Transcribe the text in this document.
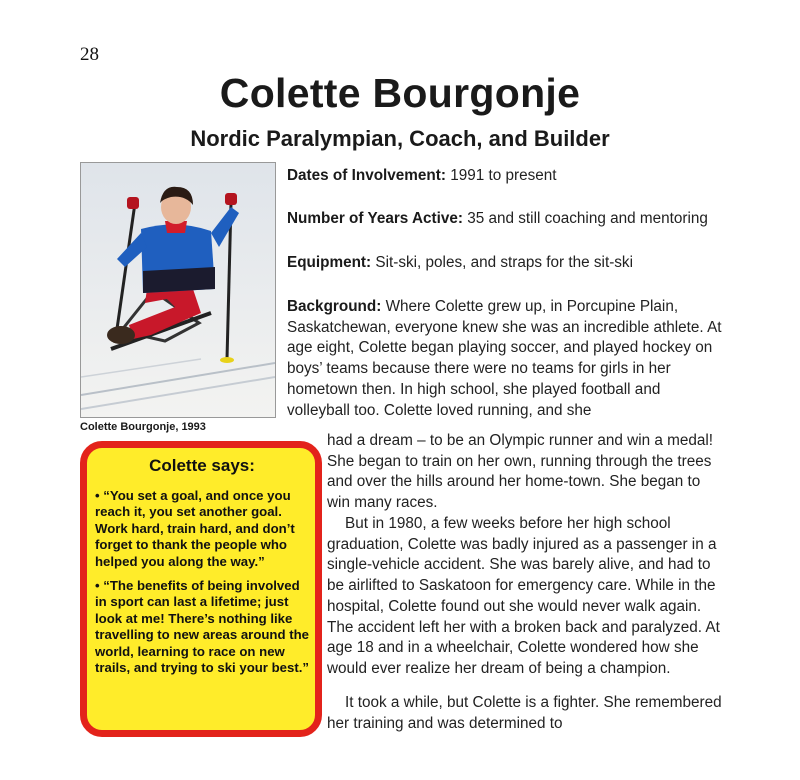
28
Colette Bourgonje
Nordic Paralympian, Coach, and Builder
Colette Bourgonje, 1993
Colette says:

• “You set a goal, and once you reach it, you set another goal. Work hard, train hard, and don’t forget to thank the people who helped you along the way.”

• “The benefits of being involved in sport can last a lifetime; just look at me! There’s nothing like travelling to new areas around the world, learning to race on new trails, and trying to ski your best.”

Dates of Involvement: 1991 to present

Number of Years Active: 35 and still coaching and mentoring

Equipment: Sit-ski, poles, and straps for the sit-ski

Background: Where Colette grew up, in Porcupine Plain, Saskatchewan, everyone knew she was an incredible athlete. At age eight, Colette began playing soccer, and played hockey on boys’ teams because there were no teams for girls in her hometown then. In high school, she played football and volleyball too. Colette loved running, and she

had a dream – to be an Olympic runner and win a medal! She began to train on her own, running through the trees and over the hills around her home-town. She began to win many races.

But in 1980, a few weeks before her high school graduation, Colette was badly injured as a passenger in a single-vehicle accident. She was barely alive, and had to be airlifted to Saskatoon for emergency care. While in the hospital, Colette found out she would never walk again. The accident left her with a broken back and paralyzed. At age 18 and in a wheelchair, Colette wondered how she would ever realize her dream of being a champion.

It took a while, but Colette is a fighter. She remembered her training and was determined to
